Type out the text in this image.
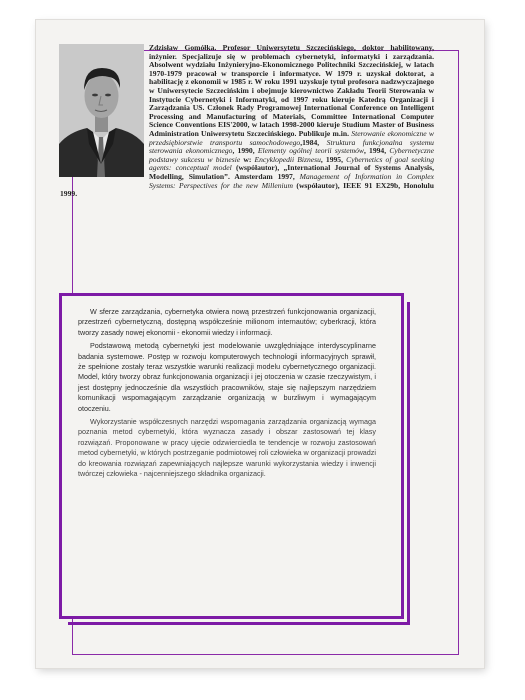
Zdzisław Gomółka. Profesor Uniwersytetu Szczecińskiego, doktor habilitowany, inżynier. Specjalizuje się w problemach cybernetyki, informatyki i zarządzania. Absolwent wydziału Inżynieryjno-Ekonomicznego Politechniki Szczecińskiej, w latach 1970-1979 pracował w transporcie i informatyce. W 1979 r. uzyskał doktorat, a habilitację z ekonomii w 1985 r. W roku 1991 uzyskuje tytuł profesora nadzwyczajnego w Uniwersytecie Szczecińskim i obejmuje kierownictwo Zakładu Teorii Sterowania w Instytucie Cybernetyki i Informatyki, od 1997 roku kieruje Katedrą Organizacji i Zarządzania US. Członek Rady Programowej International Conference on Intelligent Processing and Manufacturing of Materials, Committee International Computer Science Conventions EIS'2000, w latach 1998-2000 kieruje Studium Master of Business Administration Uniwersytetu Szczecińskiego. Publikuje m.in. Sterowanie ekonomiczne w przedsiębiorstwie transportu samochodowego,1984, Struktura funkcjonalna systemu sterowania ekonomicznego, 1990, Elementy ogólnej teorii systemów, 1994, Cybernetyczne podstawy sukcesu w biznesie w: Encyklopedii Biznesu, 1995, Cybernetics of goal seeking agents: conceptual model (współautor), „International Journal of Systems Analysis, Modelling, Simulation”. Amsterdam 1997, Management of Information in Complex Systems: Perspectives for the new Millenium (współautor), IEEE 91 EX29b, Honolulu 1999.

W sferze zarządzania, cybernetyka otwiera nową przestrzeń funkcjonowania organizacji, przestrzeń cybernetyczną, dostępną współcześnie milionom internautów; cyberkracji, która tworzy zasady nowej ekonomii - ekonomii wiedzy i informacji.

Podstawową metodą cybernetyki jest modelowanie uwzględniające interdyscyplinarne badania systemowe. Postęp w rozwoju komputerowych technologii informacyjnych sprawił, że spełnione zostały teraz wszystkie warunki realizacji modelu cybernetycznego organizacji. Model, który tworzy obraz funkcjonowania organizacji i jej otoczenia w czasie rzeczywistym, i jest dostępny jednocześnie dla wszystkich pracowników, staje się najlepszym narzędziem komunikacji wspomagającym zarządzanie organizacją w burzliwym i wymagającym otoczeniu.

Wykorzystanie współczesnych narzędzi wspomagania zarządzania organizacją wymaga poznania metod cybernetyki, która wyznacza zasady i obszar zastosowań tej klasy rozwiązań. Proponowane w pracy ujęcie odzwierciedla te tendencje w rozwoju zastosowań metod cybernetyki, w których postrzeganie podmiotowej roli człowieka w organizacji prowadzi do kreowania rozwiązań zapewniających najlepsze warunki wykorzystania wiedzy i inwencji twórczej człowieka - najcenniejszego składnika organizacji.
